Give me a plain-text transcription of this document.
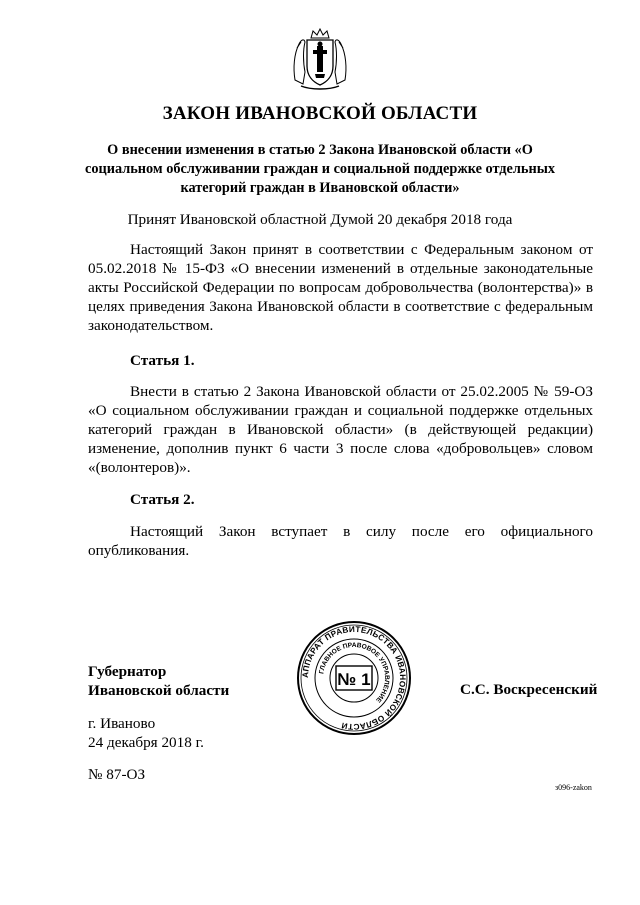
ЗАКОН ИВАНОВСКОЙ ОБЛАСТИ
О внесении изменения в статью 2 Закона Ивановской области «О социальном обслуживании граждан и социальной поддержке отдельных категорий граждан в Ивановской области»
Принят Ивановской областной Думой 20 декабря 2018 года

Настоящий Закон принят в соответствии с Федеральным законом от 05.02.2018 № 15-ФЗ «О внесении изменений в отдельные законодательные акты Российской Федерации по вопросам добровольчества (волонтерства)» в целях приведения Закона Ивановской области в соответствие с федеральным законодательством.

Статья 1.

Внести в статью 2 Закона Ивановской области от 25.02.2005 № 59-ОЗ «О социальном обслуживании граждан и социальной поддержке отдельных категорий граждан в Ивановской области» (в действующей редакции) изменение, дополнив пункт 6 части 3 после слова «добровольцев» словом «(волонтеров)».

Статья 2.

Настоящий Закон вступает в силу после его официального опубликования.

Губернатор
Ивановской области
АППАРАТ ПРАВИТЕЛЬСТВА ИВАНОВСКОЙ ОБЛАСТИ
ГЛАВНОЕ ПРАВОВОЕ УПРАВЛЕНИЕ
№ 1
С.С. Воскресенский
г. Иваново
24 декабря 2018 г.
№ 87-ОЗ
з096-zakon
